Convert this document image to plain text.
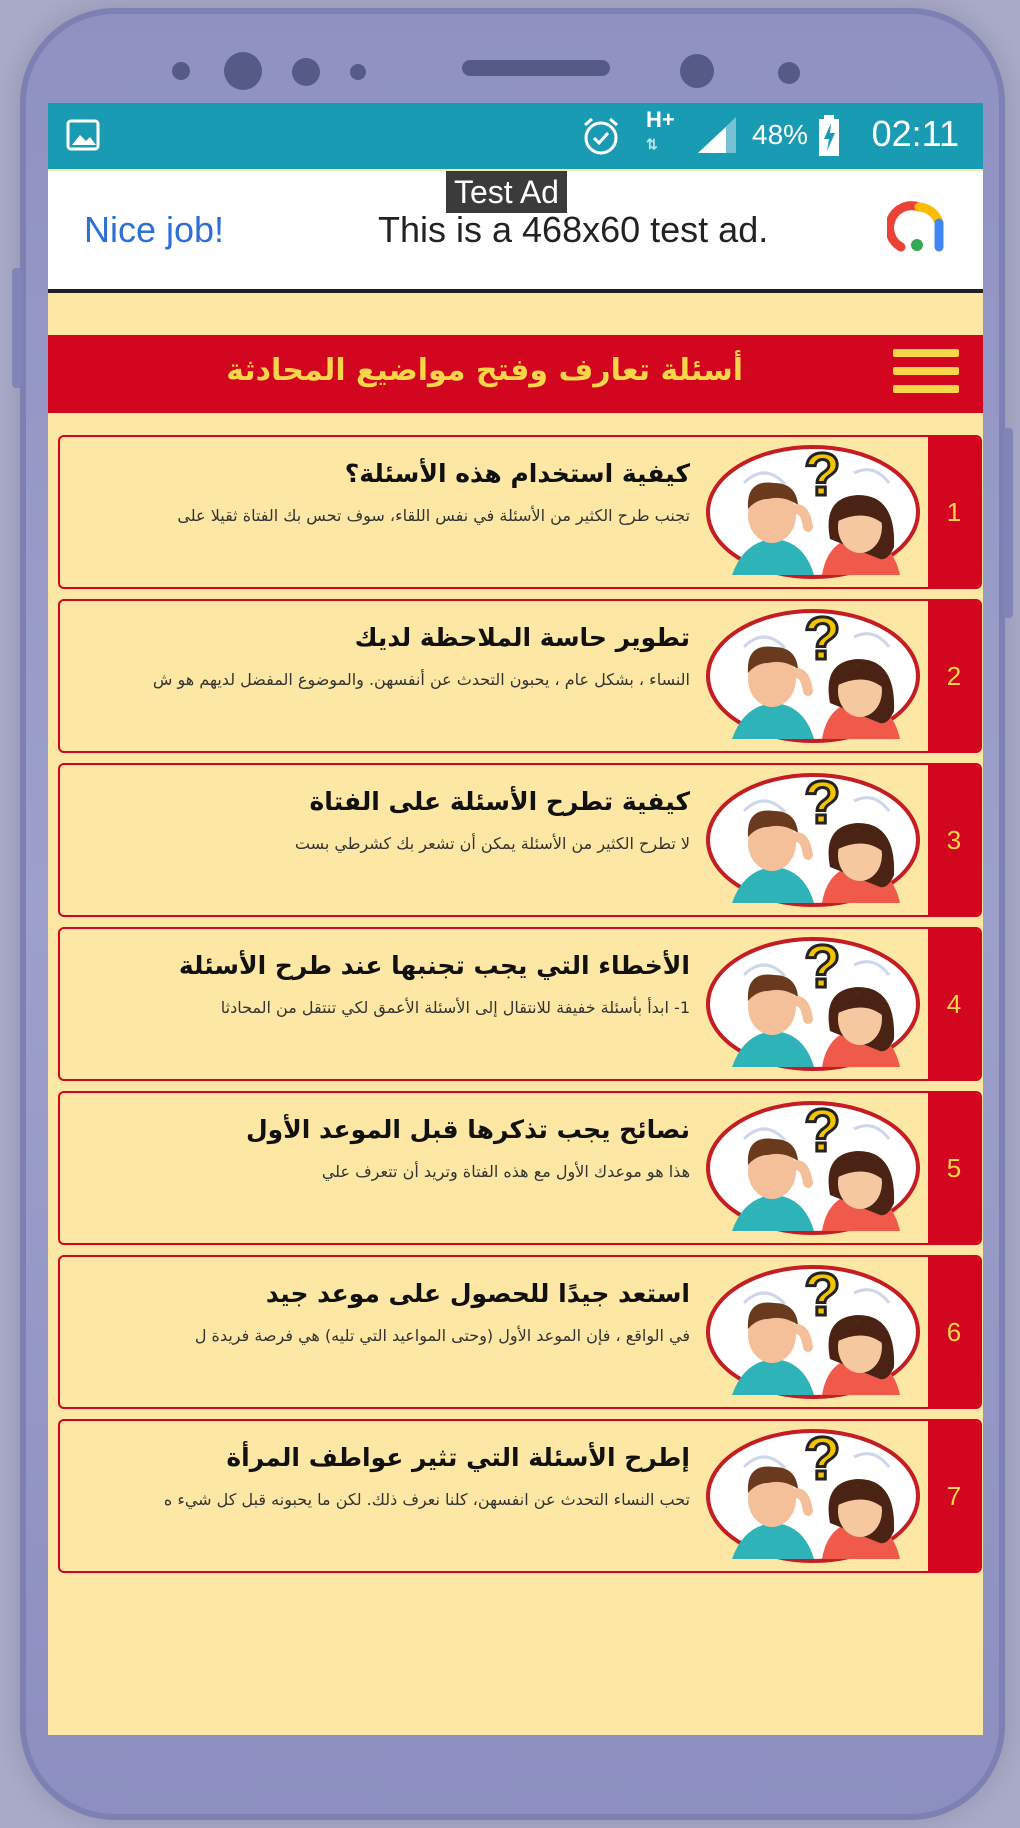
H+
⇅	48% 02:11
Test Ad
Nice job!	This is a 468x60 test ad.
أسئلة تعارف وفتح مواضيع المحادثة
1
?
كيفية استخدام هذه الأسئلة؟
تجنب طرح الكثير من الأسئلة في نفس اللقاء، سوف تحس بك الفتاة ثقيلا على
2
?
تطوير حاسة الملاحظة لديك
النساء ، بشكل عام ، يحبون التحدث عن أنفسهن. والموضوع المفضل لديهم هو ش
3
?
كيفية تطرح الأسئلة على الفتاة
لا تطرح الكثير من الأسئلة يمكن أن تشعر بك كشرطي بست
4
?
الأخطاء التي يجب تجنبها عند طرح الأسئلة
1- ابدأ بأسئلة خفيفة للانتقال إلى الأسئلة الأعمق لكي تنتقل من المحادثا
5
?
نصائح يجب تذكرها قبل الموعد الأول
هذا هو موعدك الأول مع هذه الفتاة وتريد أن تتعرف علي
6
?
استعد جيدًا للحصول على موعد جيد
في الواقع ، فإن الموعد الأول (وحتى المواعيد التي تليه) هي فرصة فريدة ل
7
?
إطرح الأسئلة التي تثير عواطف المرأة
تحب النساء التحدث عن انفسهن، كلنا نعرف ذلك. لكن ما يحبونه قبل كل شيء ه
